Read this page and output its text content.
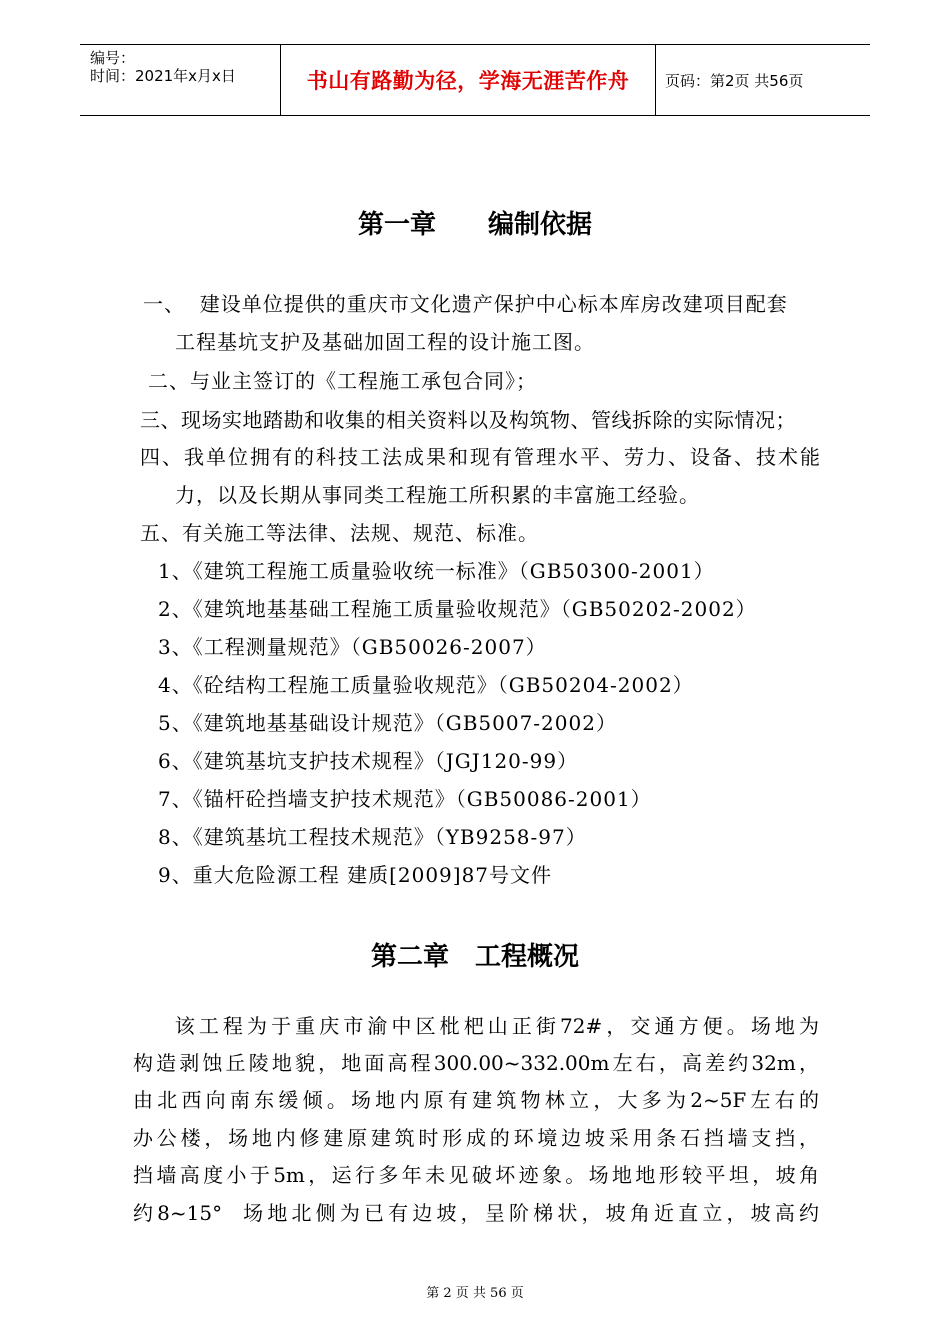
编号：
时间：2021年x月x日	书山有路勤为径，学海无涯苦作舟	页码：第2页 共56页
第一章　　编制依据
一、  建设单位提供的重庆市文化遗产保护中心标本库房改建项目配套
工程基坑支护及基础加固工程的设计施工图。
二、与业主签订的《工程施工承包合同》；
三、现场实地踏勘和收集的相关资料以及构筑物、管线拆除的实际情况；
四、我单位拥有的科技工法成果和现有管理水平、劳力、设备、技术能
力，以及长期从事同类工程施工所积累的丰富施工经验。
五、有关施工等法律、法规、规范、标准。
1、《建筑工程施工质量验收统一标准》（GB50300-2001）
2、《建筑地基基础工程施工质量验收规范》（GB50202-2002）
3、《工程测量规范》（GB50026-2007）
4、《砼结构工程施工质量验收规范》（GB50204-2002）
5、《建筑地基基础设计规范》（GB5007-2002）
6、《建筑基坑支护技术规程》（JGJ120-99）
7、《锚杆砼挡墙支护技术规范》（GB50086-2001）
8、《建筑基坑工程技术规范》（YB9258-97）
9、重大危险源工程 建质[2009]87号文件
第二章　工程概况
该工程为于重庆市渝中区枇杷山正街72#，交通方便。场地为
构造剥蚀丘陵地貌，地面高程300.00~332.00m左右，高差约32m，
由北西向南东缓倾。场地内原有建筑物林立，大多为2~5F左右的
办公楼，场地内修建原建筑时形成的环境边坡采用条石挡墙支挡，
挡墙高度小于5m，运行多年未见破坏迹象。场地地形较平坦，坡角
约8~15°  场地北侧为已有边坡，呈阶梯状，坡角近直立，坡高约
第 2 页 共 56 页
